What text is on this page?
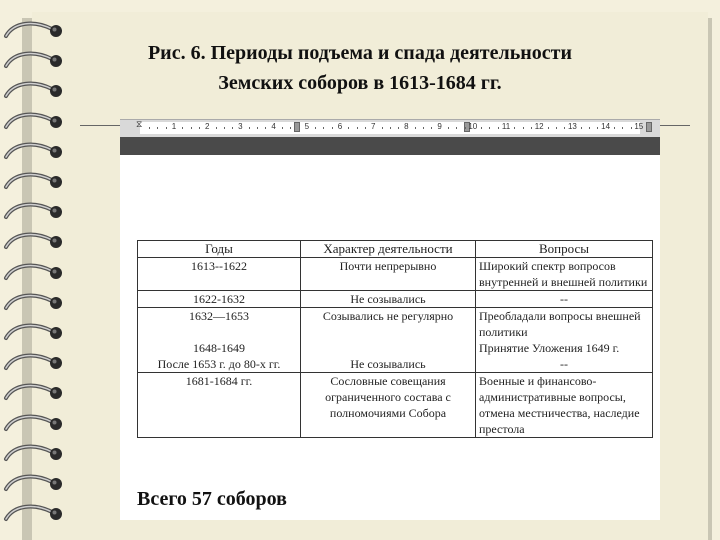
Рис. 6. Периоды подъема и спада деятельности
Земских соборов в 1613-1684 гг.
⧖	1	2	3	4	5	6	7	8	9	10	11	12	13	14	15
Годы	Характер деятельности	Вопросы
1613--1622	Почти непрерывно	Широкий спектр вопросов внутренней и внешней политики
1622-1632	Не созывались	--
1632—1653	Созывались не регулярно	Преобладали вопросы внешней политики
1648-1649		Принятие Уложения 1649 г.
После 1653 г. до 80-х гг.	Не созывались	--
1681-1684 гг.	Сословные совещания ограниченного состава с полномочиями Собора	Военные и финансово-административные вопросы, отмена местничества, наследие престола
Всего 57 соборов
